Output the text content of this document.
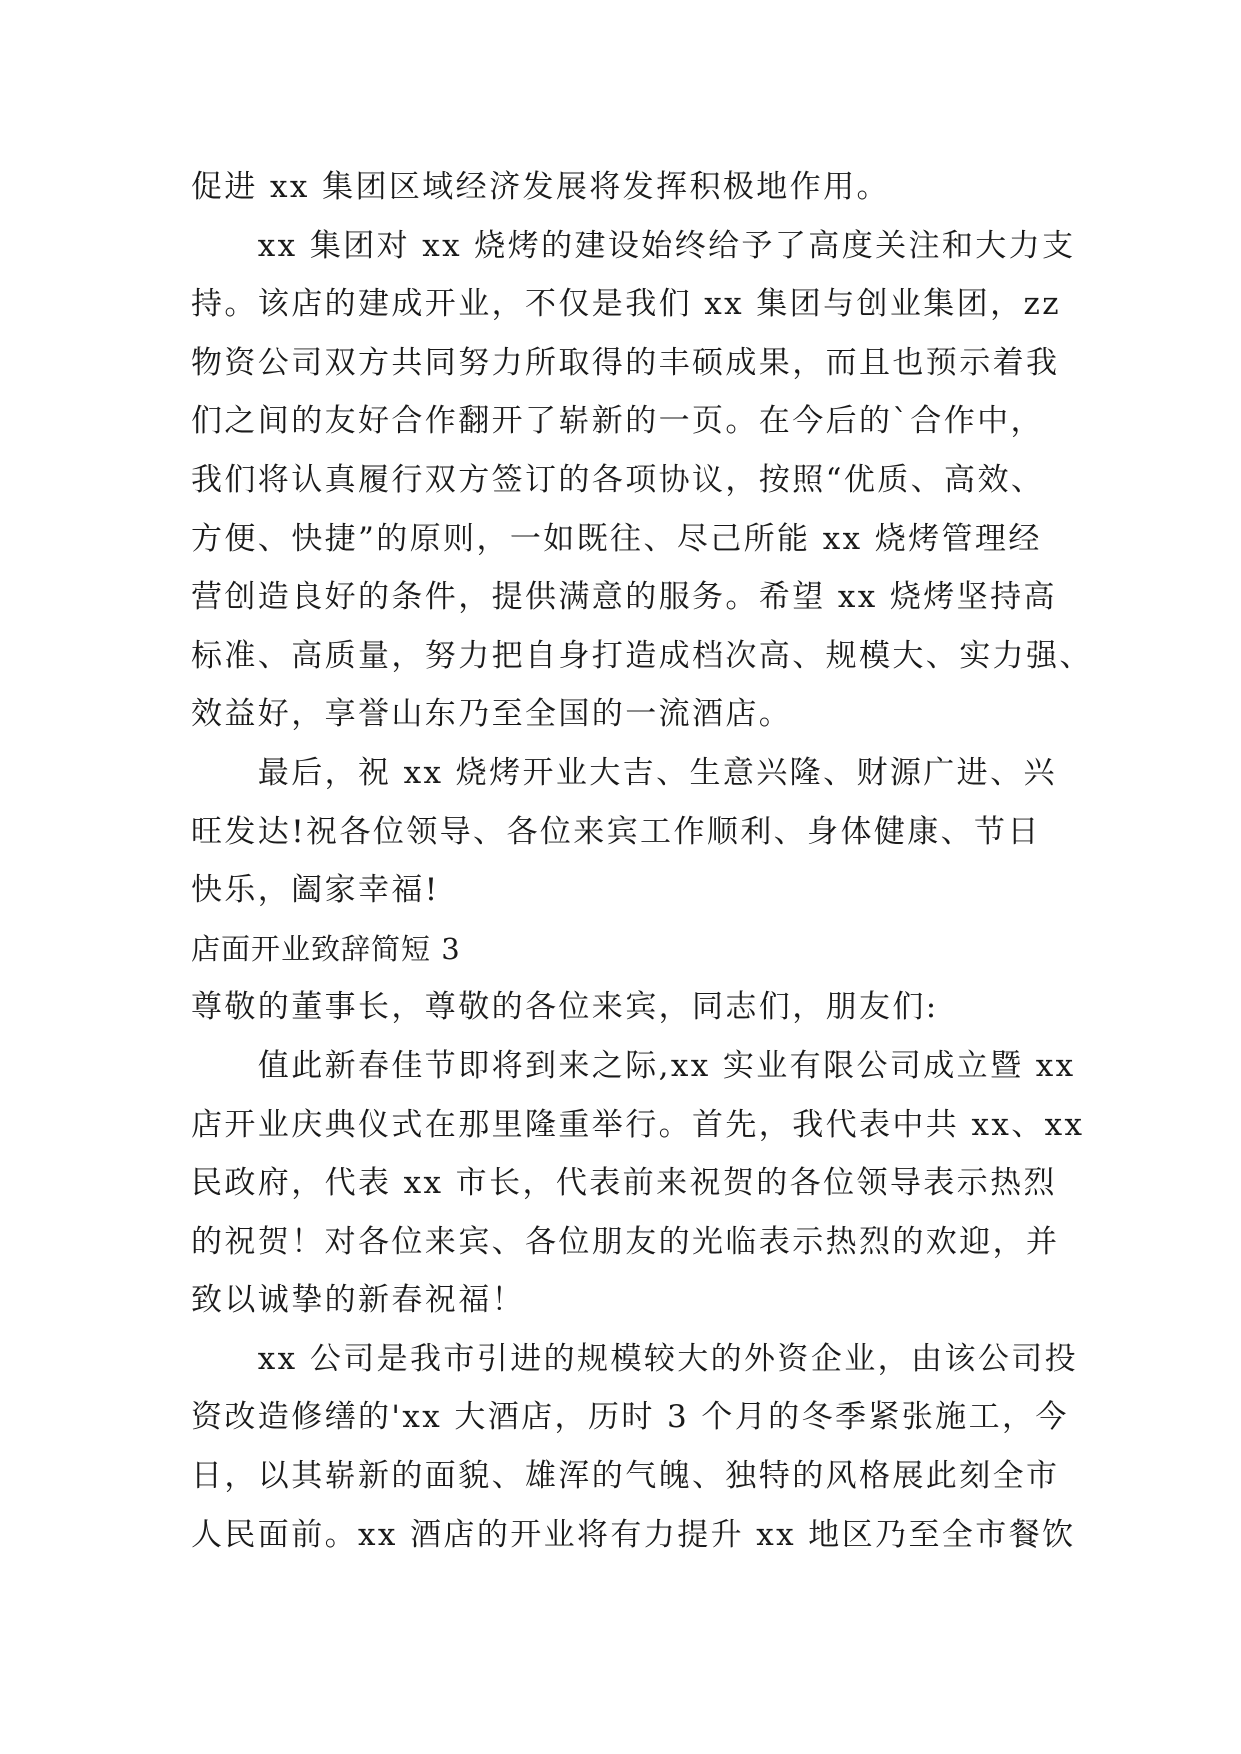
促进 xx 集团区域经济发展将发挥积极地作用。
　　xx 集团对 xx 烧烤的建设始终给予了高度关注和大力支
持。该店的建成开业，不仅是我们 xx 集团与创业集团，zz
物资公司双方共同努力所取得的丰硕成果，而且也预示着我
们之间的友好合作翻开了崭新的一页。在今后的`合作中，
我们将认真履行双方签订的各项协议，按照“优质、高效、
方便、快捷”的原则，一如既往、尽己所能 xx 烧烤管理经
营创造良好的条件，提供满意的服务。希望 xx 烧烤坚持高
标准、高质量，努力把自身打造成档次高、规模大、实力强、
效益好，享誉山东乃至全国的一流酒店。
　　最后，祝 xx 烧烤开业大吉、生意兴隆、财源广进、兴
旺发达!祝各位领导、各位来宾工作顺利、身体健康、节日
快乐，阖家幸福!
店面开业致辞简短 3
尊敬的董事长，尊敬的各位来宾，同志们，朋友们:
　　值此新春佳节即将到来之际,xx 实业有限公司成立暨 xx
店开业庆典仪式在那里隆重举行。首先，我代表中共 xx、xx
民政府，代表 xx 市长，代表前来祝贺的各位领导表示热烈
的祝贺！对各位来宾、各位朋友的光临表示热烈的欢迎，并
致以诚挚的新春祝福！
　　xx 公司是我市引进的规模较大的外资企业，由该公司投
资改造修缮的'xx 大酒店，历时 3 个月的冬季紧张施工，今
日，以其崭新的面貌、雄浑的气魄、独特的风格展此刻全市
人民面前。xx 酒店的开业将有力提升 xx 地区乃至全市餐饮
